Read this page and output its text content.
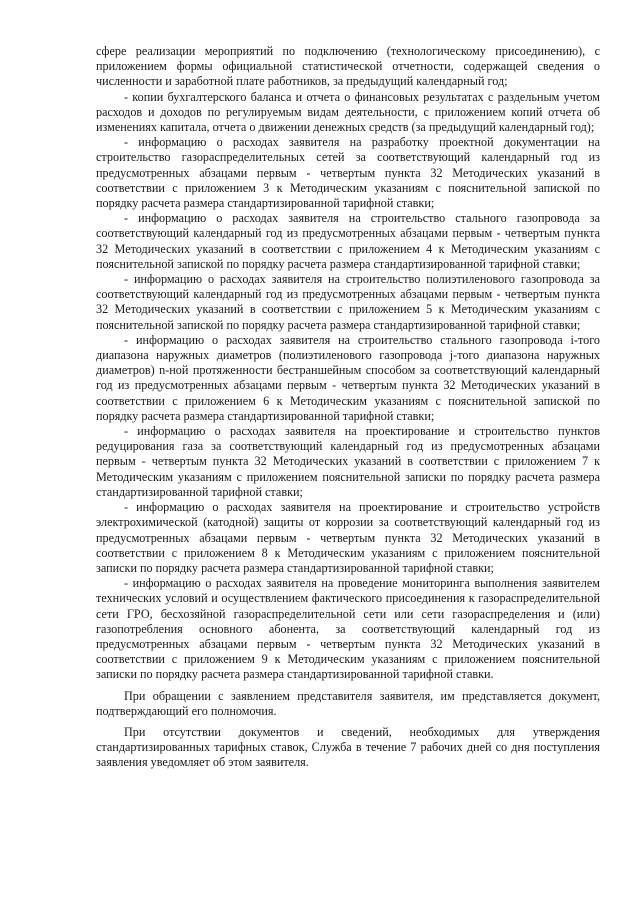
сфере реализации мероприятий по подключению (технологическому присоединению), с приложением формы официальной статистической отчетности, содержащей сведения о численности и заработной плате работников, за предыдущий календарный год;

- копии бухгалтерского баланса и отчета о финансовых результатах с раздельным учетом расходов и доходов по регулируемым видам деятельности, с приложением копий отчета об изменениях капитала, отчета о движении денежных средств (за предыдущий календарный год);

- информацию о расходах заявителя на разработку проектной документации на строительство газораспределительных сетей за соответствующий календарный год из предусмотренных абзацами первым - четвертым пункта 32 Методических указаний в соответствии с приложением 3 к Методическим указаниям с пояснительной запиской по порядку расчета размера стандартизированной тарифной ставки;

- информацию о расходах заявителя на строительство стального газопровода за соответствующий календарный год из предусмотренных абзацами первым - четвертым пункта 32 Методических указаний в соответствии с приложением 4 к Методическим указаниям с пояснительной запиской по порядку расчета размера стандартизированной тарифной ставки;

- информацию о расходах заявителя на строительство полиэтиленового газопровода за соответствующий календарный год из предусмотренных абзацами первым - четвертым пункта 32 Методических указаний в соответствии с приложением 5 к Методическим указаниям с пояснительной запиской по порядку расчета размера стандартизированной тарифной ставки;

- информацию о расходах заявителя на строительство стального газопровода i-того диапазона наружных диаметров (полиэтиленового газопровода j-того диапазона наружных диаметров) n-ной протяженности бестраншейным способом за соответствующий календарный год из предусмотренных абзацами первым - четвертым пункта 32 Методических указаний в соответствии с приложением 6 к Методическим указаниям с пояснительной запиской по порядку расчета размера стандартизированной тарифной ставки;

- информацию о расходах заявителя на проектирование и строительство пунктов редуцирования газа за соответствующий календарный год из предусмотренных абзацами первым - четвертым пункта 32 Методических указаний в соответствии с приложением 7 к Методическим указаниям с приложением пояснительной записки по порядку расчета размера стандартизированной тарифной ставки;

- информацию о расходах заявителя на проектирование и строительство устройств электрохимической (катодной) защиты от коррозии за соответствующий календарный год из предусмотренных абзацами первым - четвертым пункта 32 Методических указаний в соответствии с приложением 8 к Методическим указаниям с приложением пояснительной записки по порядку расчета размера стандартизированной тарифной ставки;

- информацию о расходах заявителя на проведение мониторинга выполнения заявителем технических условий и осуществлением фактического присоединения к газораспределительной сети ГРО, бесхозяйной газораспределительной сети или сети газораспределения и (или) газопотребления основного абонента, за соответствующий календарный год из предусмотренных абзацами первым - четвертым пункта 32 Методических указаний в соответствии с приложением 9 к Методическим указаниям с приложением пояснительной записки по порядку расчета размера стандартизированной тарифной ставки.

При обращении с заявлением представителя заявителя, им представляется документ, подтверждающий его полномочия.

При отсутствии документов и сведений, необходимых для утверждения стандартизированных тарифных ставок, Служба в течение 7 рабочих дней со дня поступления заявления уведомляет об этом заявителя.
